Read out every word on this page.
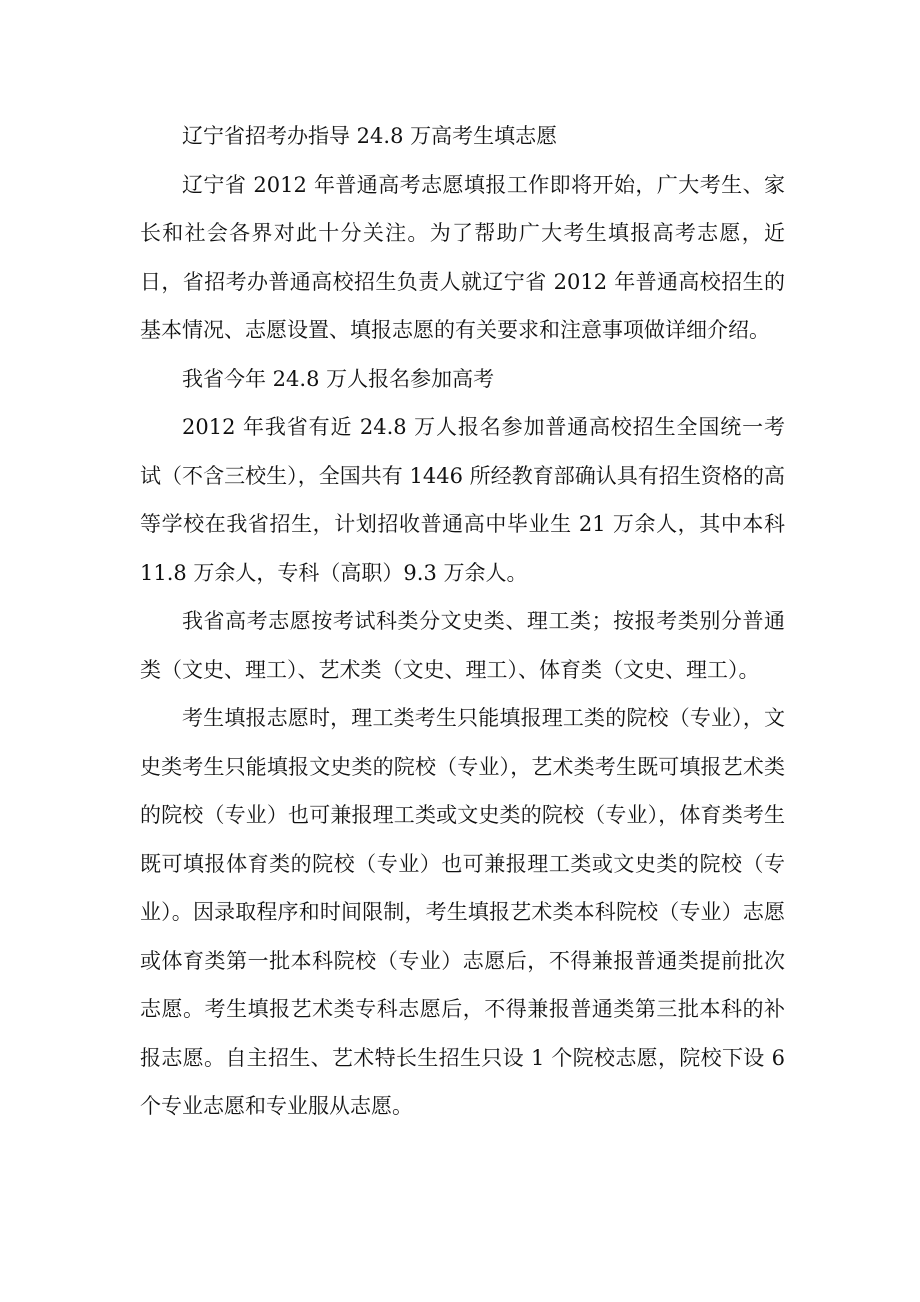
辽宁省招考办指导 24.8 万高考生填志愿

辽宁省 2012 年普通高考志愿填报工作即将开始，广大考生、家长和社会各界对此十分关注。为了帮助广大考生填报高考志愿，近日，省招考办普通高校招生负责人就辽宁省 2012 年普通高校招生的基本情况、志愿设置、填报志愿的有关要求和注意事项做详细介绍。

我省今年 24.8 万人报名参加高考

2012 年我省有近 24.8 万人报名参加普通高校招生全国统一考试（不含三校生），全国共有 1446 所经教育部确认具有招生资格的高等学校在我省招生，计划招收普通高中毕业生 21 万余人，其中本科 11.8 万余人，专科（高职）9.3 万余人。

我省高考志愿按考试科类分文史类、理工类；按报考类别分普通类（文史、理工）、艺术类（文史、理工）、体育类（文史、理工）。

考生填报志愿时，理工类考生只能填报理工类的院校（专业），文史类考生只能填报文史类的院校（专业），艺术类考生既可填报艺术类的院校（专业）也可兼报理工类或文史类的院校（专业），体育类考生既可填报体育类的院校（专业）也可兼报理工类或文史类的院校（专业）。因录取程序和时间限制，考生填报艺术类本科院校（专业）志愿或体育类第一批本科院校（专业）志愿后，不得兼报普通类提前批次志愿。考生填报艺术类专科志愿后，不得兼报普通类第三批本科的补报志愿。自主招生、艺术特长生招生只设 1 个院校志愿，院校下设 6 个专业志愿和专业服从志愿。
